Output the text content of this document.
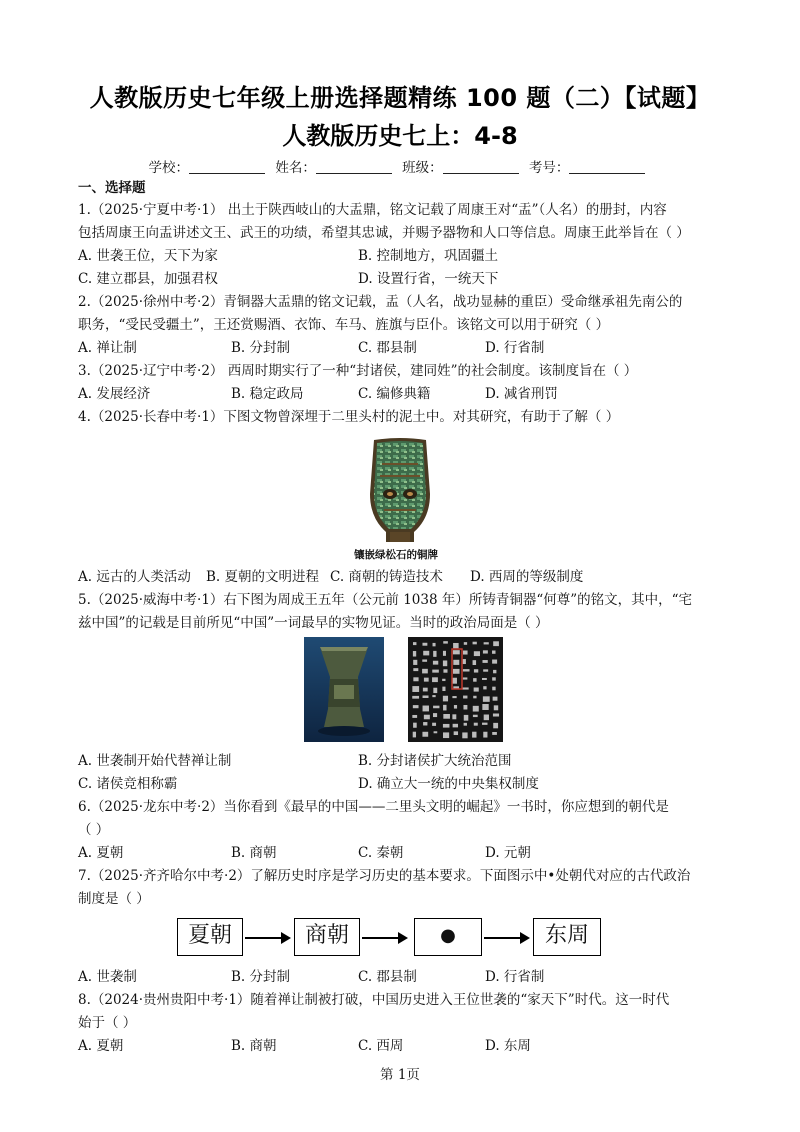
人教版历史七年级上册选择题精练 100 题（二）【试题】
人教版历史七上：4-8
学校：	姓名：	班级：	考号：
一、选择题
1.（2025·宁夏中考·1） 出土于陕西岐山的大盂鼎，铭文记载了周康王对“盂”（人名）的册封，内容
包括周康王向盂讲述文王、武王的功绩，希望其忠诚，并赐予器物和人口等信息。周康王此举旨在（ ）
A. 世袭王位，天下为家	B. 控制地方，巩固疆土
C. 建立郡县，加强君权	D. 设置行省，一统天下
2.（2025·徐州中考·2）青铜器大盂鼎的铭文记载，盂（人名，战功显赫的重臣）受命继承祖先南公的
职务，“受民受疆土”，王还赏赐酒、衣饰、车马、旌旗与臣仆。该铭文可以用于研究（ ）
A. 禅让制	B. 分封制	C. 郡县制	D. 行省制
3.（2025·辽宁中考·2） 西周时期实行了一种“封诸侯，建同姓”的社会制度。该制度旨在（ ）
A. 发展经济	B. 稳定政局	C. 编修典籍	D. 减省刑罚
4.（2025·长春中考·1）下图文物曾深埋于二里头村的泥土中。对其研究，有助于了解（ ）
镶嵌绿松石的铜牌
A. 远古的人类活动 B. 夏朝的文明进程 C. 商朝的铸造技术 D. 西周的等级制度
5.（2025·威海中考·1）右下图为周成王五年（公元前 1038 年）所铸青铜器“何尊”的铭文，其中，“宅
兹中国”的记载是目前所见“中国”一词最早的实物见证。当时的政治局面是（ ）
A. 世袭制开始代替禅让制	B. 分封诸侯扩大统治范围
C. 诸侯竞相称霸	D. 确立大一统的中央集权制度
6.（2025·龙东中考·2）当你看到《最早的中国——二里头文明的崛起》一书时，你应想到的朝代是
（ ）
A. 夏朝	B. 商朝	C. 秦朝	D. 元朝
7.（2025·齐齐哈尔中考·2）了解历史时序是学习历史的基本要求。下面图示中•处朝代对应的古代政治
制度是（ ）
夏朝	商朝	●	东周
A. 世袭制	B. 分封制	C. 郡县制	D. 行省制
8.（2024·贵州贵阳中考·1）随着禅让制被打破，中国历史进入王位世袭的“家天下”时代。这一时代
始于（ ）
A. 夏朝	B. 商朝	C. 西周	D. 东周
第 1页
